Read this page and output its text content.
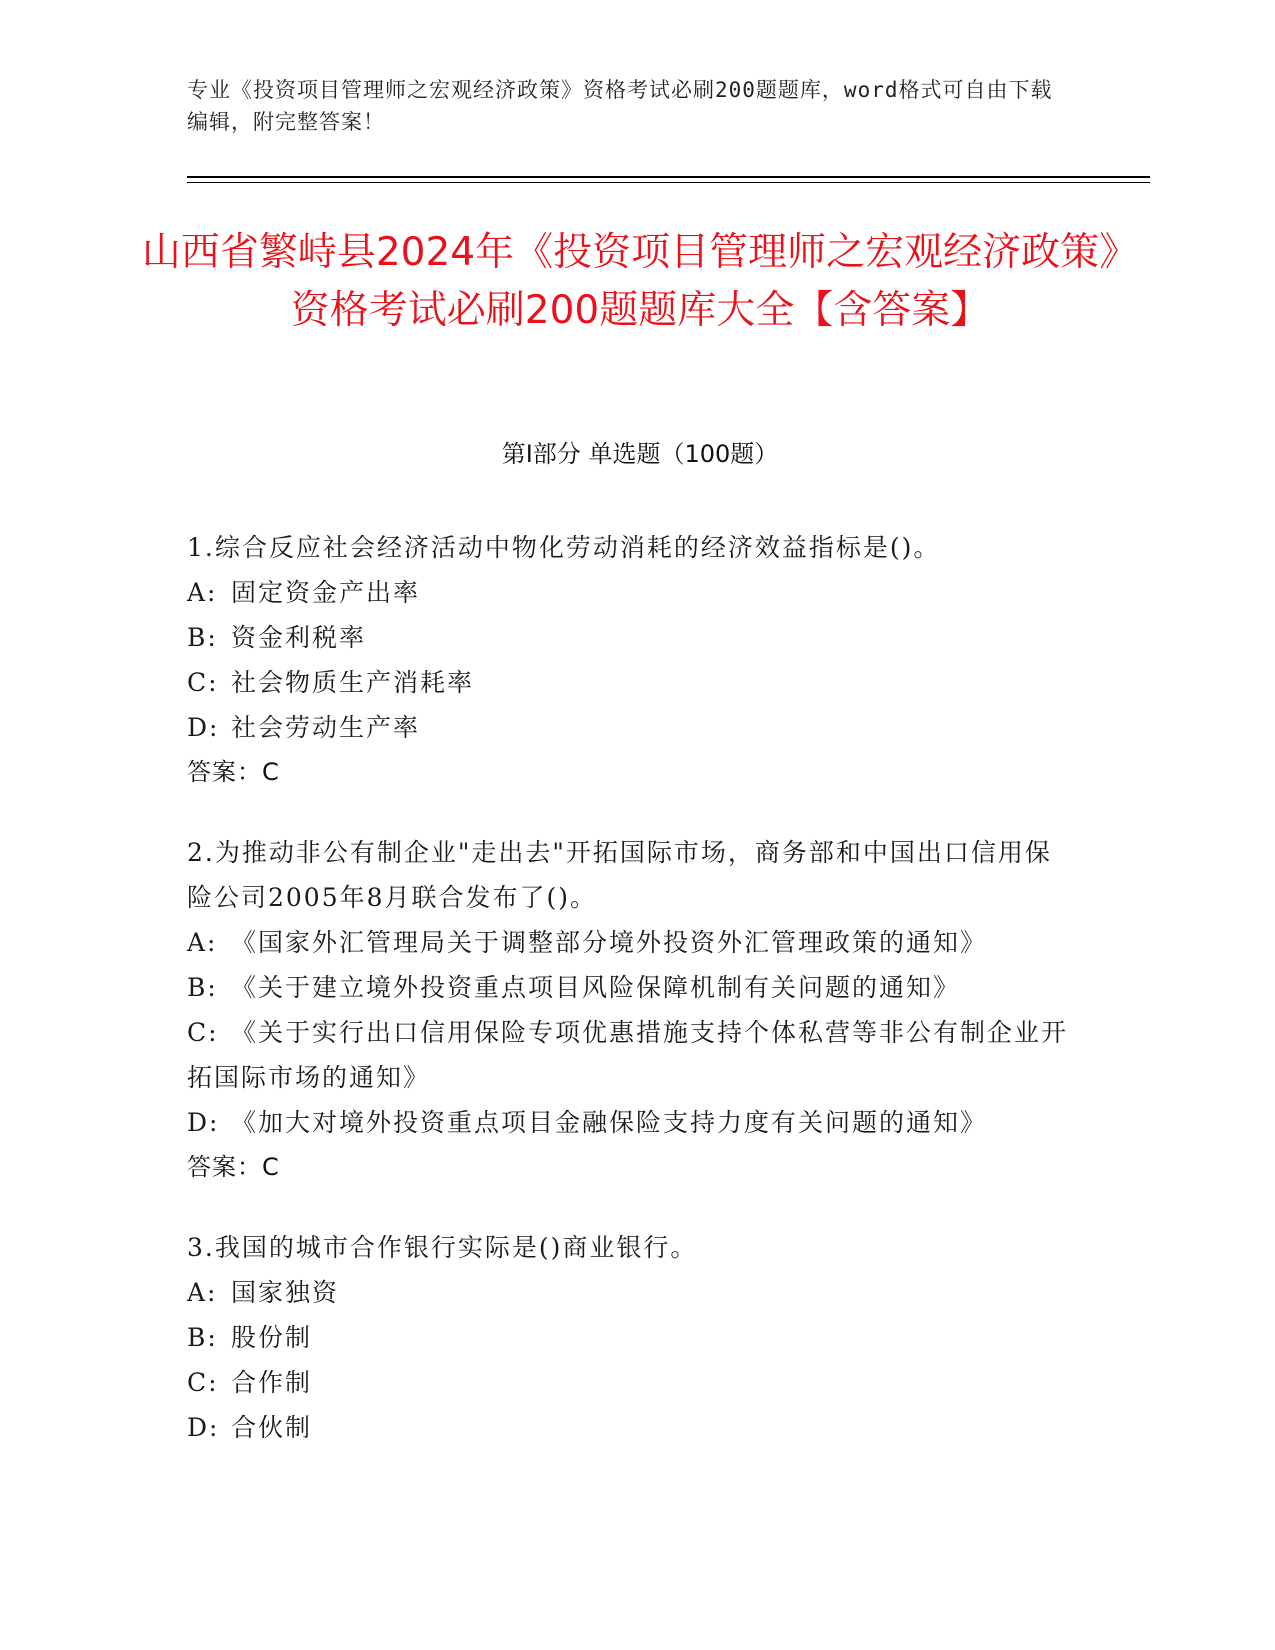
专业《投资项目管理师之宏观经济政策》资格考试必刷200题题库，word格式可自由下载编辑，附完整答案！
山西省繁峙县2024年《投资项目管理师之宏观经济政策》资格考试必刷200题题库大全【含答案】
第Ⅰ部分 单选题（100题）
1.综合反应社会经济活动中物化劳动消耗的经济效益指标是()。
A: 固定资金产出率
B: 资金利税率
C: 社会物质生产消耗率
D: 社会劳动生产率
答案：C
2.为推动非公有制企业"走出去"开拓国际市场，商务部和中国出口信用保险公司2005年8月联合发布了()。
A: 《国家外汇管理局关于调整部分境外投资外汇管理政策的通知》
B: 《关于建立境外投资重点项目风险保障机制有关问题的通知》
C: 《关于实行出口信用保险专项优惠措施支持个体私营等非公有制企业开拓国际市场的通知》
D: 《加大对境外投资重点项目金融保险支持力度有关问题的通知》
答案：C
3.我国的城市合作银行实际是()商业银行。
A: 国家独资
B: 股份制
C: 合作制
D: 合伙制
